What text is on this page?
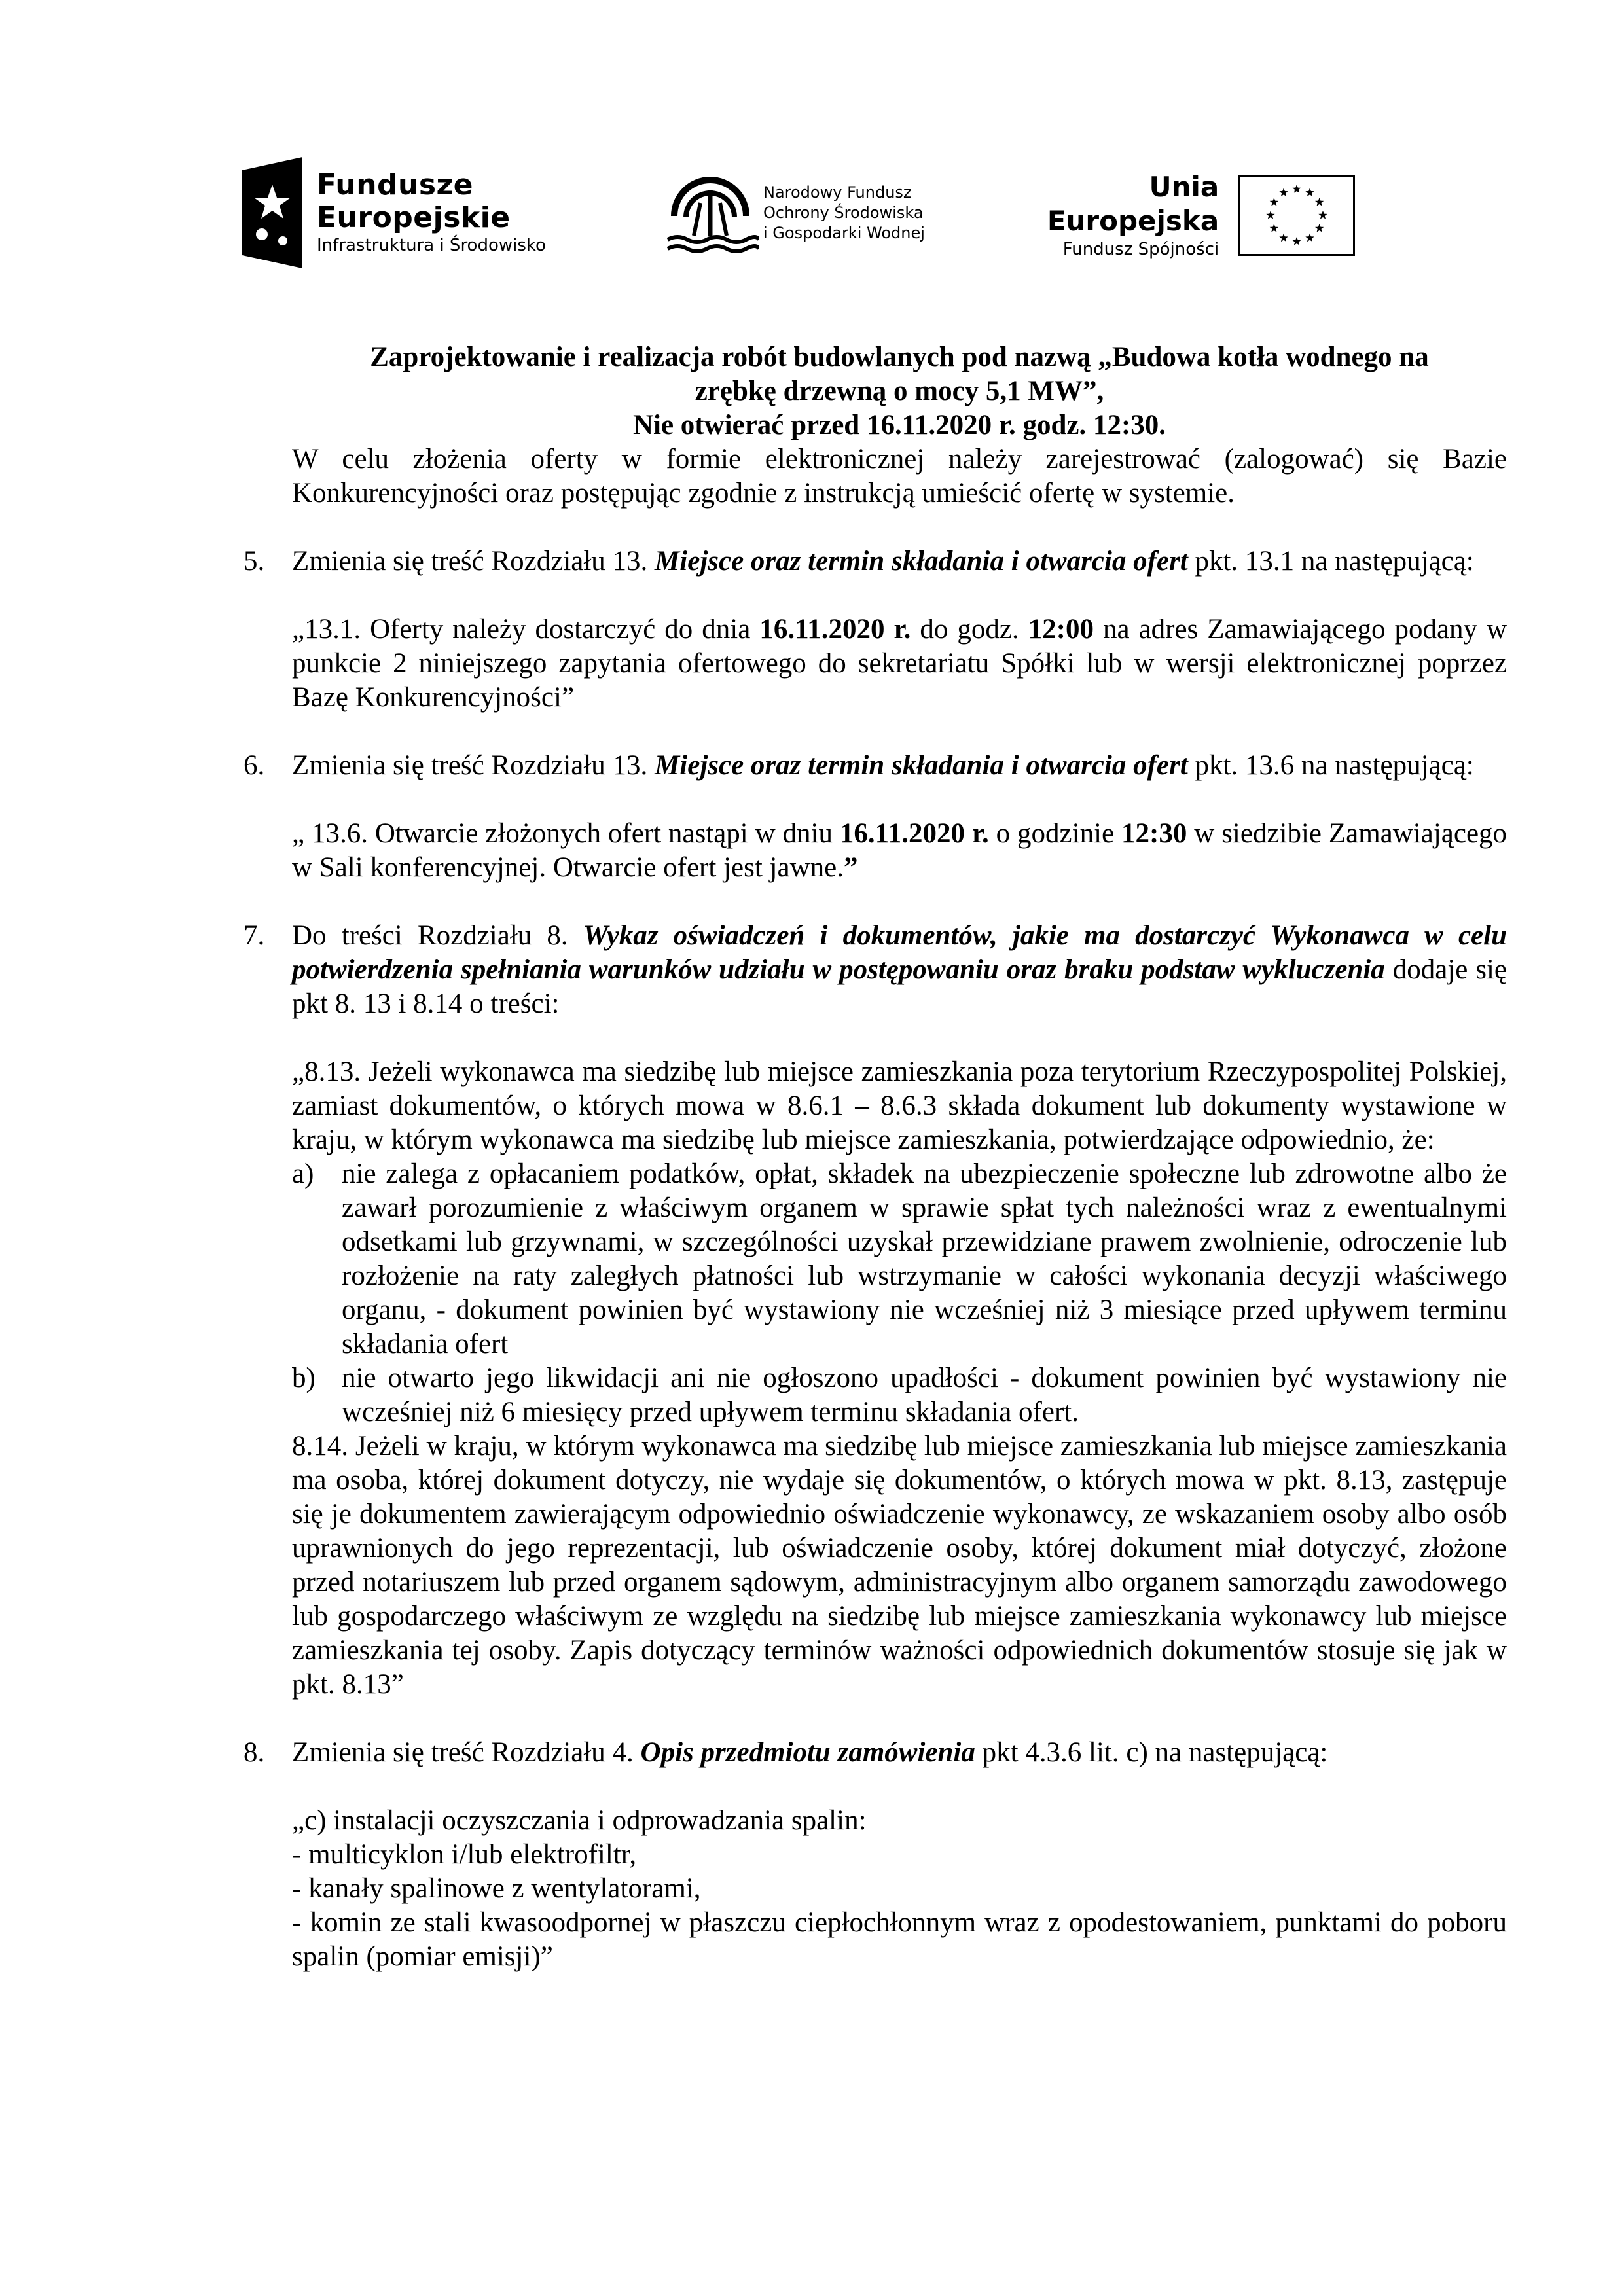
Fundusze
Europejskie
Infrastruktura i Środowisko
Narodowy Fundusz
Ochrony Środowiska
i Gospodarki Wodnej
Unia Europejska
Fundusz Spójności

Zaprojektowanie i realizacja robót budowlanych pod nazwą „Budowa kotła wodnego na

zrębkę drzewną o mocy 5,1 MW”,

Nie otwierać przed 16.11.2020 r. godz. 12:30.

W celu złożenia oferty w formie elektronicznej należy zarejestrować (zalogować) się Bazie Konkurencyjności oraz postępując zgodnie z instrukcją umieścić ofertę w systemie.

5. Zmienia się treść Rozdziału 13. Miejsce oraz termin składania i otwarcia ofert pkt. 13.1 na następującą:

„13.1. Oferty należy dostarczyć do dnia 16.11.2020 r. do godz. 12:00 na adres Zamawiającego podany w punkcie 2 niniejszego zapytania ofertowego do sekretariatu Spółki lub w wersji elektronicznej poprzez Bazę Konkurencyjności”

6. Zmienia się treść Rozdziału 13. Miejsce oraz termin składania i otwarcia ofert pkt. 13.6 na następującą:

„ 13.6. Otwarcie złożonych ofert nastąpi w dniu 16.11.2020 r. o godzinie 12:30 w siedzibie Zamawiającego w Sali konferencyjnej. Otwarcie ofert jest jawne.”

7. Do treści Rozdziału 8. Wykaz oświadczeń i dokumentów, jakie ma dostarczyć Wykonawca w celu potwierdzenia spełniania warunków udziału w postępowaniu oraz braku podstaw wykluczenia dodaje się pkt 8. 13 i 8.14 o treści:

„8.13. Jeżeli wykonawca ma siedzibę lub miejsce zamieszkania poza terytorium Rzeczypospolitej Polskiej, zamiast dokumentów, o których mowa w 8.6.1 – 8.6.3 składa dokument lub dokumenty wystawione w kraju, w którym wykonawca ma siedzibę lub miejsce zamieszkania, potwierdzające odpowiednio, że:

a) nie zalega z opłacaniem podatków, opłat, składek na ubezpieczenie społeczne lub zdrowotne albo że zawarł porozumienie z właściwym organem w sprawie spłat tych należności wraz z ewentualnymi odsetkami lub grzywnami, w szczególności uzyskał przewidziane prawem zwolnienie, odroczenie lub rozłożenie na raty zaległych płatności lub wstrzymanie w całości wykonania decyzji właściwego organu, - dokument powinien być wystawiony nie wcześniej niż 3 miesiące przed upływem terminu składania ofert

b) nie otwarto jego likwidacji ani nie ogłoszono upadłości - dokument powinien być wystawiony nie wcześniej niż 6 miesięcy przed upływem terminu składania ofert.

8.14. Jeżeli w kraju, w którym wykonawca ma siedzibę lub miejsce zamieszkania lub miejsce zamieszkania ma osoba, której dokument dotyczy, nie wydaje się dokumentów, o których mowa w pkt. 8.13, zastępuje się je dokumentem zawierającym odpowiednio oświadczenie wykonawcy, ze wskazaniem osoby albo osób uprawnionych do jego reprezentacji, lub oświadczenie osoby, której dokument miał dotyczyć, złożone przed notariuszem lub przed organem sądowym, administracyjnym albo organem samorządu zawodowego lub gospodarczego właściwym ze względu na siedzibę lub miejsce zamieszkania wykonawcy lub miejsce zamieszkania tej osoby. Zapis dotyczący terminów ważności odpowiednich dokumentów stosuje się jak w pkt. 8.13”

8. Zmienia się treść Rozdziału 4. Opis przedmiotu zamówienia pkt 4.3.6 lit. c) na następującą:

„c) instalacji oczyszczania i odprowadzania spalin:

- multicyklon i/lub elektrofiltr,

- kanały spalinowe z wentylatorami,

- komin ze stali kwasoodpornej w płaszczu ciepłochłonnym wraz z opodestowaniem, punktami do poboru spalin (pomiar emisji)”
